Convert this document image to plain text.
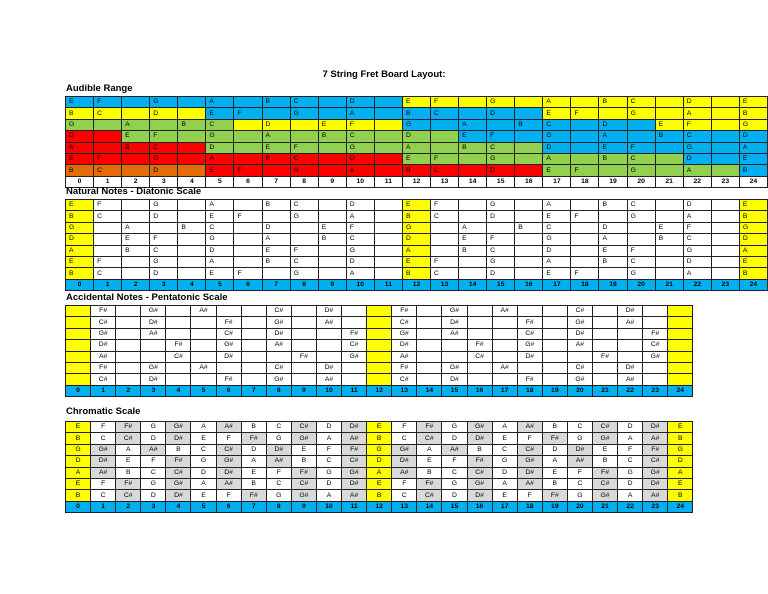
7 String Fret Board Layout:
Audible Range
E	F		G		A		B	C		D		E	F		G		A		B	C		D		E
B	C		D		E	F		G		A		B	C		D		E	F		G		A		B
G		A		B	C		D		E	F		G		A		B	C		D		E	F		G
D		E	F		G		A		B	C		D		E	F		G		A		B	C		D
A		B	C		D		E	F		G		A		B	C		D		E	F		G		A
E	F		G		A		B	C		D		E	F		G		A		B	C		D		E
B	C		D		E	F		G		A		B	C		D		E	F		G		A		B
0	1	2	3	4	5	6	7	8	9	10	11	12	13	14	15	16	17	18	19	20	21	22	23	24
Natural Notes - Diatonic Scale
E	F		G		A		B	C		D		E	F		G		A		B	C		D		E
B	C		D		E	F		G		A		B	C		D		E	F		G		A		B
G		A		B	C		D		E	F		G		A		B	C		D		E	F		G
D		E	F		G		A		B	C		D		E	F		G		A		B	C		D
A		B	C		D		E	F		G		A		B	C		D		E	F		G		A
E	F		G		A		B	C		D		E	F		G		A		B	C		D		E
B	C		D		E	F		G		A		B	C		D		E	F		G		A		B
0	1	2	3	4	5	6	7	8	9	10	11	12	13	14	15	16	17	18	19	20	21	22	23	24
Accidental Notes - Pentatonic Scale
	F#		G#		A#			C#		D#			F#		G#		A#			C#		D#		
	C#		D#			F#		G#		A#			C#		D#			F#		G#		A#		
	G#		A#			C#		D#			F#		G#		A#			C#		D#			F#	
	D#			F#		G#		A#			C#		D#			F#		G#		A#			C#	
	A#			C#		D#			F#		G#		A#			C#		D#			F#		G#	
	F#		G#		A#			C#		D#			F#		G#		A#			C#		D#		
	C#		D#			F#		G#		A#			C#		D#			F#		G#		A#		
0	1	2	3	4	5	6	7	8	9	10	11	12	13	14	15	16	17	18	19	20	21	22	23	24
Chromatic Scale
E	F	F#	G	G#	A	A#	B	C	C#	D	D#	E	F	F#	G	G#	A	A#	B	C	C#	D	D#	E
B	C	C#	D	D#	E	F	F#	G	G#	A	A#	B	C	C#	D	D#	E	F	F#	G	G#	A	A#	B
G	G#	A	A#	B	C	C#	D	D#	E	F	F#	G	G#	A	A#	B	C	C#	D	D#	E	F	F#	G
D	D#	E	F	F#	G	G#	A	A#	B	C	C#	D	D#	E	F	F#	G	G#	A	A#	B	C	C#	D
A	A#	B	C	C#	D	D#	E	F	F#	G	G#	A	A#	B	C	C#	D	D#	E	F	F#	G	G#	A
E	F	F#	G	G#	A	A#	B	C	C#	D	D#	E	F	F#	G	G#	A	A#	B	C	C#	D	D#	E
B	C	C#	D	D#	E	F	F#	G	G#	A	A#	B	C	C#	D	D#	E	F	F#	G	G#	A	A#	B
0	1	2	3	4	5	6	7	8	9	10	11	12	13	14	15	16	17	18	19	20	21	22	23	24
